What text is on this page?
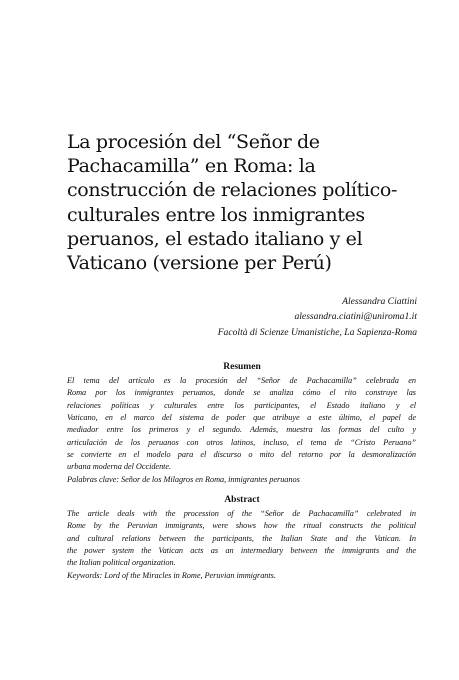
La procesión del “Señor de
Pachacamilla” en Roma: la
construcción de relaciones político-
culturales entre los inmigrantes
peruanos, el estado italiano y el
Vaticano (versione per Perú)
Alessandra Ciattini
alessandra.ciatini@uniroma1.it
Facoltà di Scienze Umanistiche, La Sapienza-Roma
Resumen
El tema del artículo es la procesión del “Señor de Pachacamilla” celebrada en
Roma por los inmigrantes peruanos, donde se analiza cómo el rito construye las
relaciones políticas y culturales entre los participantes, el Estado italiano y el
Vaticano, en el marco del sistema de poder que atribuye a este último, el papel de
mediador entre los primeros y el segundo. Además, muestra las formas del culto y
articulación de los peruanos con otros latinos, incluso, el tema de “Cristo Peruano”
se convierte en el modelo para el discurso o mito del retorno por la desmoralización
urbana moderna del Occidente.
Palabras clave: Señor de los Milagros en Roma, inmigrantes peruanos
Abstract
The article deals with the procession of the “Señor de Pachacamilla” celebrated in
Rome by the Peruvian immigrants, were shows how the ritual constructs the political
and cultural relations between the participants, the Italian State and the Vatican. In
the power system the Vatican acts as an intermediary between the immigrants and the
the Italian political organization.
Keywords: Lord of the Miracles in Rome, Peruvian immigrants.
